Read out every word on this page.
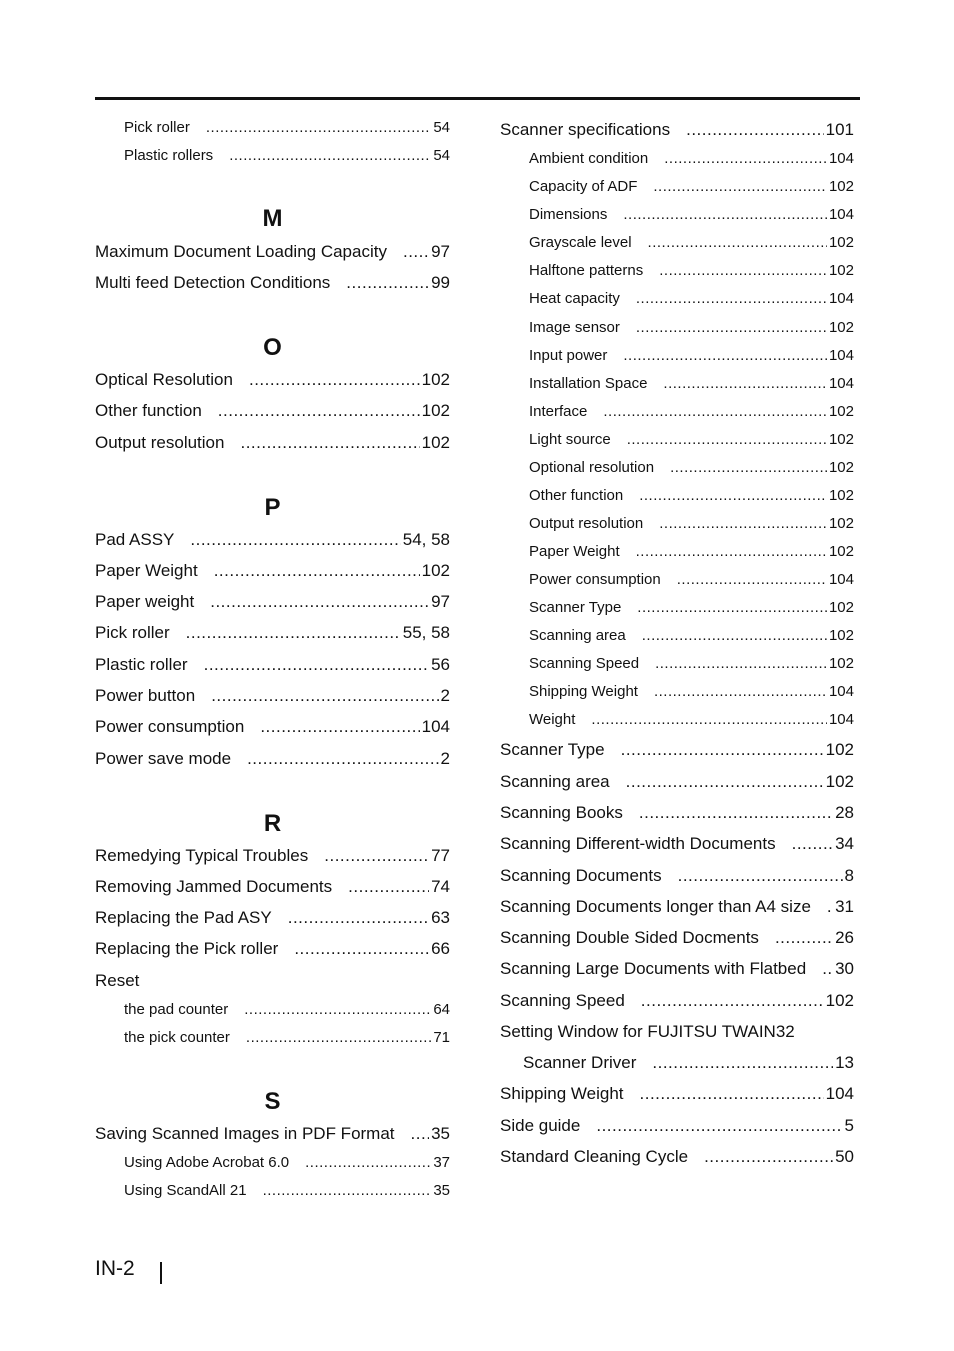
Pick roller .....	54
Plastic rollers .....	54
M
Maximum Document Loading Capacity .....	97
Multi feed Detection Conditions .....	99
O
Optical Resolution .....	102
Other function .....	102
Output resolution .....	102
P
Pad ASSY .....	54, 58
Paper Weight .....	102
Paper weight .....	97
Pick roller .....	55, 58
Plastic roller .....	56
Power button .....	2
Power consumption .....	104
Power save mode .....	2
R
Remedying Typical Troubles .....	77
Removing Jammed Documents .....	74
Replacing the Pad ASY .....	63
Replacing the Pick roller .....	66
Reset
the pad counter .....	64
the pick counter .....	71
S
Saving Scanned Images in PDF Format .....	35
Using Adobe Acrobat 6.0 .....	37
Using ScandAll 21 .....	35
Scanner specifications .....	101
Ambient condition .....	104
Capacity of ADF .....	102
Dimensions .....	104
Grayscale level .....	102
Halftone patterns .....	102
Heat capacity .....	104
Image sensor .....	102
Input power .....	104
Installation Space .....	104
Interface .....	102
Light source .....	102
Optional resolution .....	102
Other function .....	102
Output resolution .....	102
Paper Weight .....	102
Power consumption .....	104
Scanner Type .....	102
Scanning area .....	102
Scanning Speed .....	102
Shipping Weight .....	104
Weight .....	104
Scanner Type .....	102
Scanning area .....	102
Scanning Books .....	28
Scanning Different-width Documents .....	34
Scanning Documents .....	8
Scanning Documents longer than A4 size .....	31
Scanning Double Sided Docments .....	26
Scanning Large Documents with Flatbed .....	30
Scanning Speed .....	102
Setting Window for FUJITSU TWAIN32
Scanner Driver .....	13
Shipping Weight .....	104
Side guide .....	5
Standard Cleaning Cycle .....	50
IN-2
